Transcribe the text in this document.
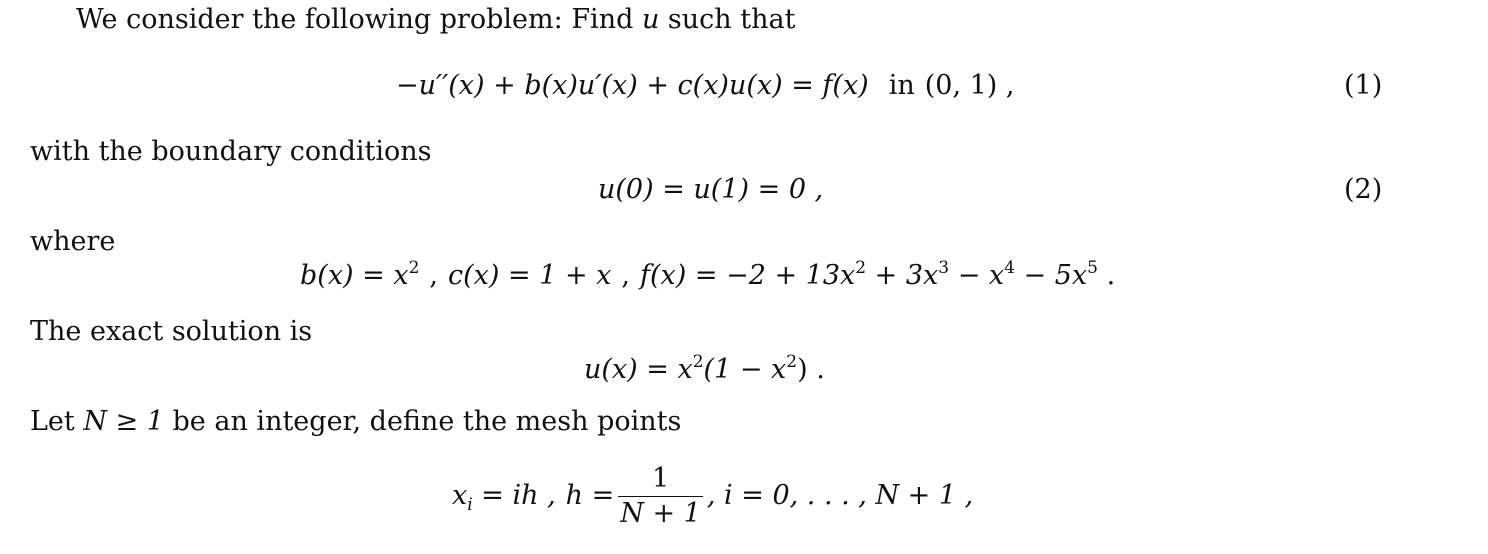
We consider the following problem: Find u such that
−u′′(x) + b(x)u′(x) + c(x)u(x) = f(x) in (0, 1) ,	(1)
with the boundary conditions
u(0) = u(1) = 0 ,	(2)
where
$b(x) = x^2$ , c(x) = 1 + x , $f(x) = -2 + 13x^2 + 3x^3 - x^4 - 5x^5$ .
The exact solution is
$u(x) = x^2(1 - x^2)$ .
Let N ≥ 1 be an integer, define the mesh points
$x_i$ = ih , $h = \frac{1}{N + 1}$ , i = 0, . . . , N + 1 ,
